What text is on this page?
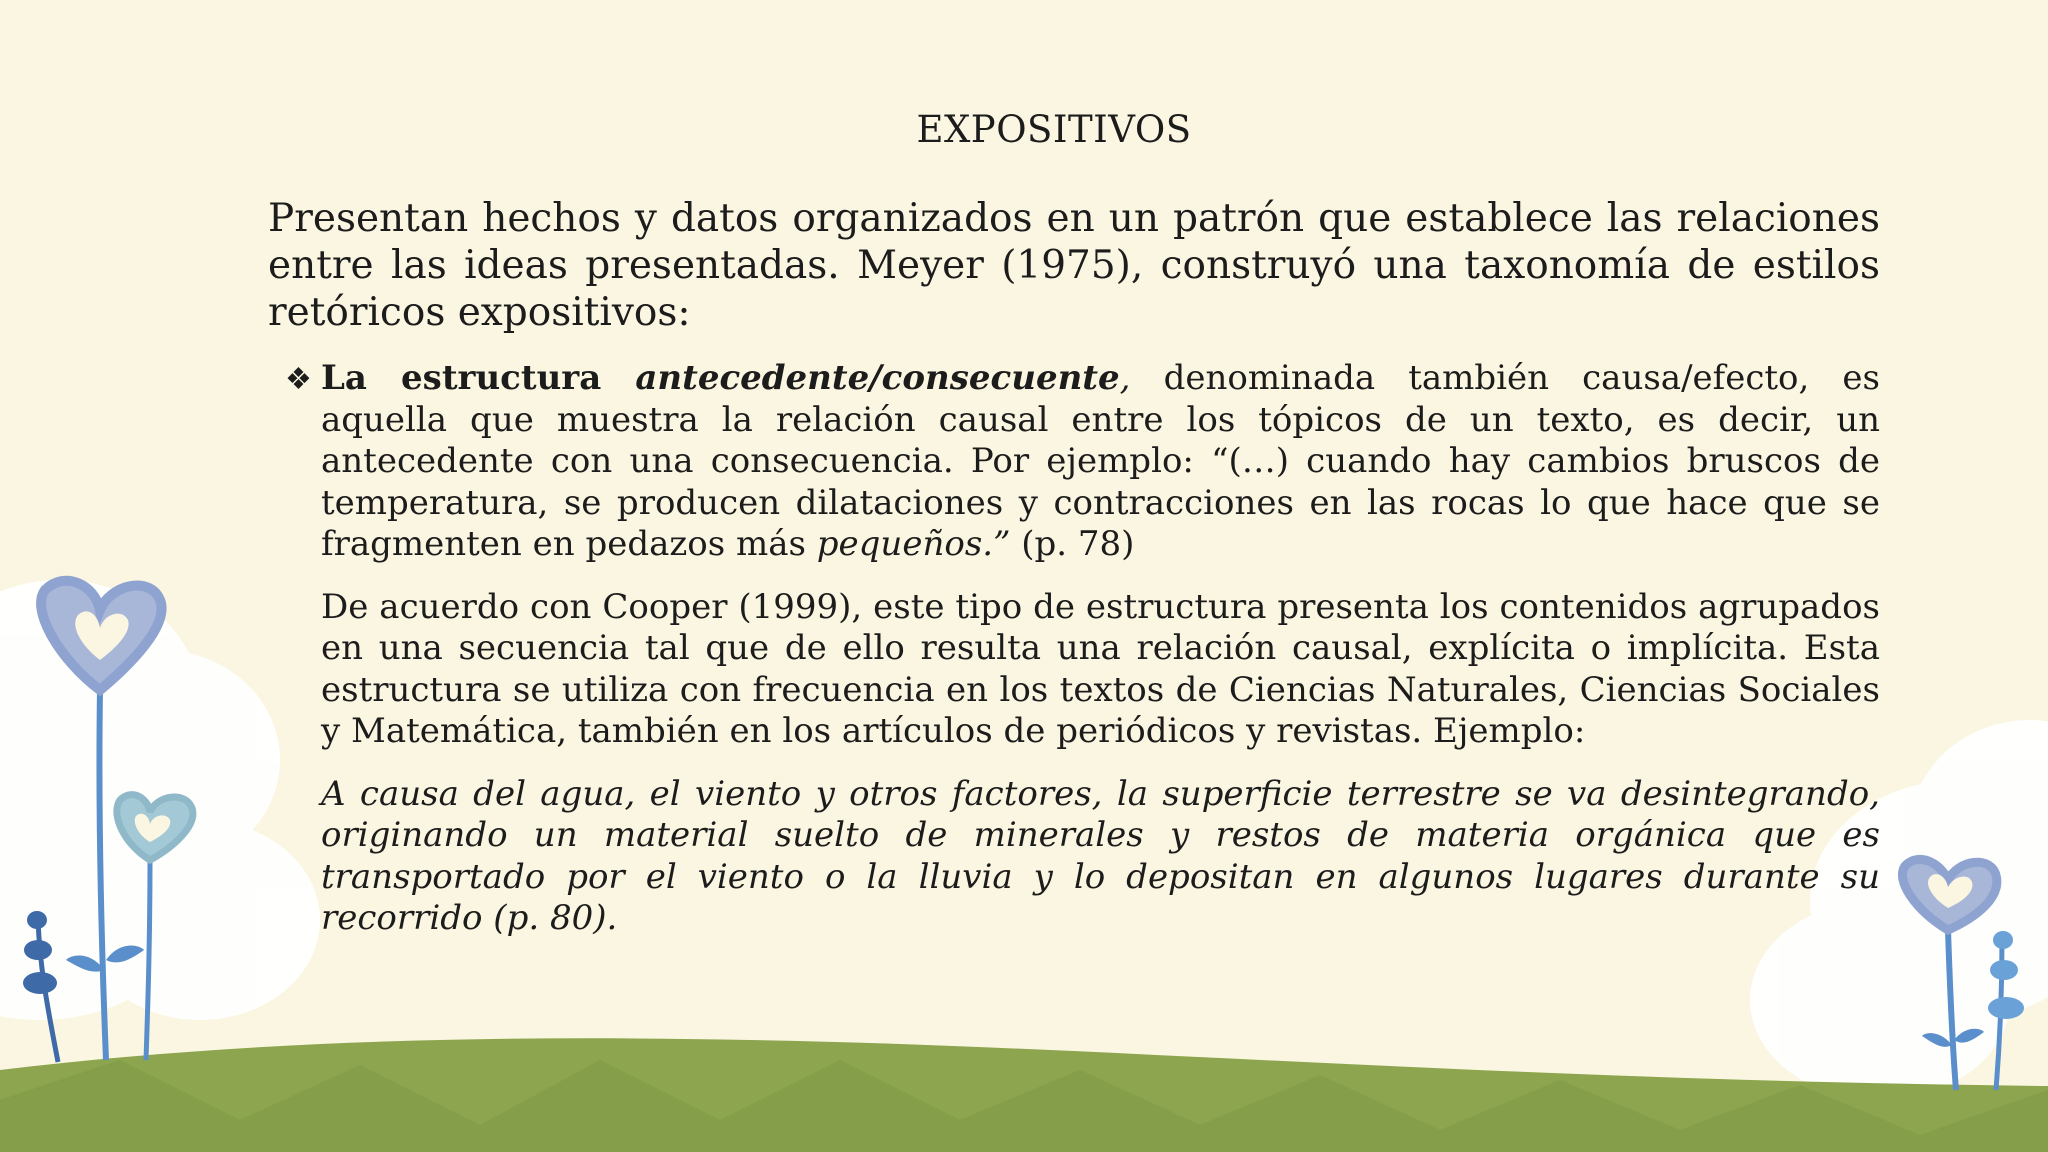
EXPOSITIVOS

Presentan hechos y datos organizados en un patrón que establece las relaciones entre las ideas presentadas. Meyer (1975), construyó una taxonomía de estilos retóricos expositivos:

❖ La estructura antecedente/consecuente, denominada también causa/efecto, es aquella que muestra la relación causal entre los tópicos de un texto, es decir, un antecedente con una consecuencia. Por ejemplo: “(…) cuando hay cambios bruscos de temperatura, se producen dilataciones y contracciones en las rocas lo que hace que se fragmenten en pedazos más pequeños.” (p. 78)

De acuerdo con Cooper (1999), este tipo de estructura presenta los contenidos agrupados en una secuencia tal que de ello resulta una relación causal, explícita o implícita. Esta estructura se utiliza con frecuencia en los textos de Ciencias Naturales, Ciencias Sociales y Matemática, también en los artículos de periódicos y revistas. Ejemplo:

A causa del agua, el viento y otros factores, la superficie terrestre se va desintegrando, originando un material suelto de minerales y restos de materia orgánica que es transportado por el viento o la lluvia y lo depositan en algunos lugares durante su recorrido (p. 80).
